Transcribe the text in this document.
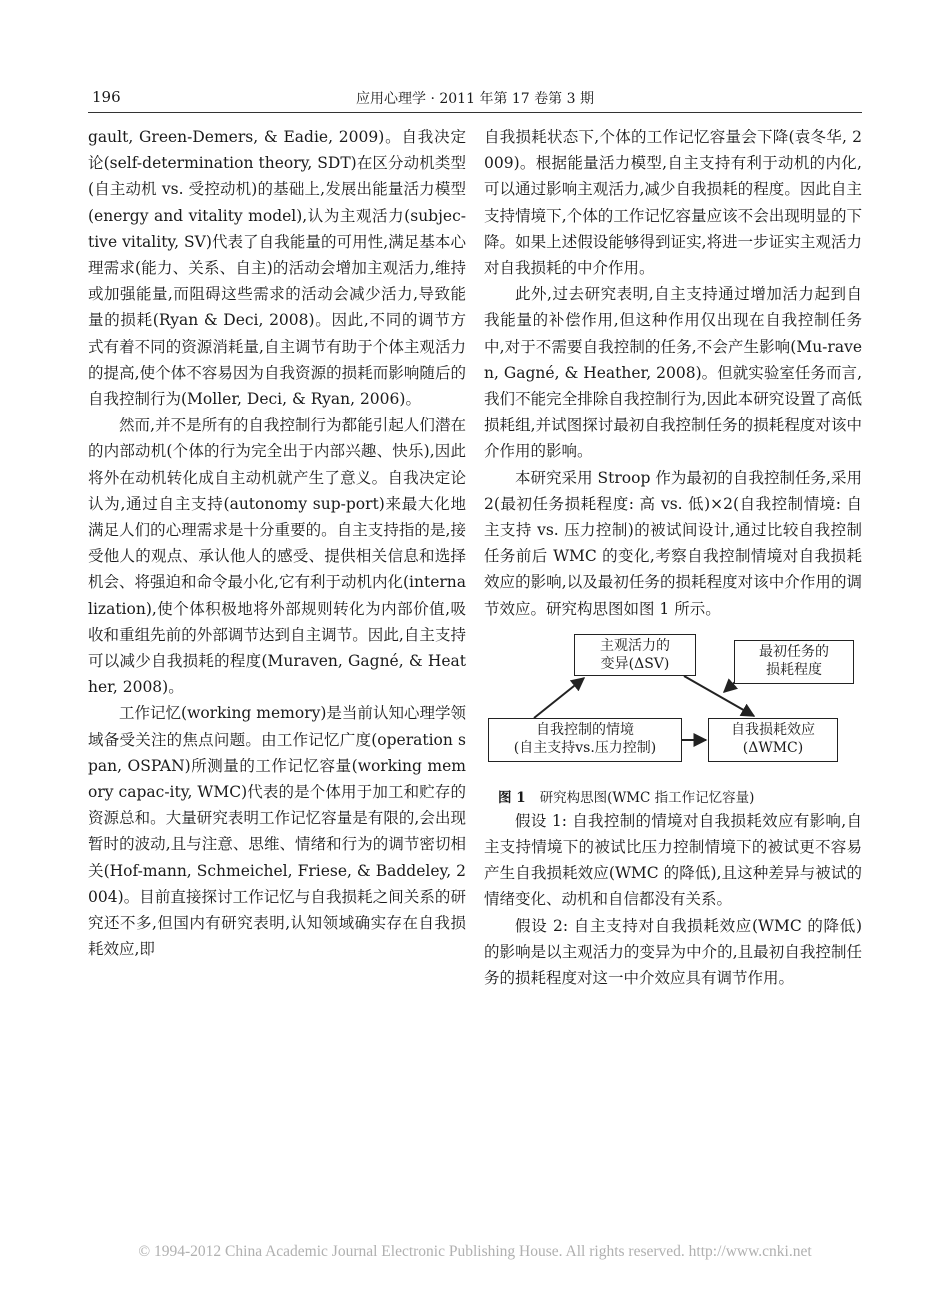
196	应用心理学 · 2011 年第 17 卷第 3 期

gault, Green-Demers, & Eadie, 2009)。自我决定论(self-determination theory, SDT)在区分动机类型(自主动机 vs. 受控动机)的基础上,发展出能量活力模型(energy and vitality model),认为主观活力(subjec-tive vitality, SV)代表了自我能量的可用性,满足基本心理需求(能力、关系、自主)的活动会增加主观活力,维持或加强能量,而阻碍这些需求的活动会减少活力,导致能量的损耗(Ryan & Deci, 2008)。因此,不同的调节方式有着不同的资源消耗量,自主调节有助于个体主观活力的提高,使个体不容易因为自我资源的损耗而影响随后的自我控制行为(Moller, Deci, & Ryan, 2006)。

然而,并不是所有的自我控制行为都能引起人们潜在的内部动机(个体的行为完全出于内部兴趣、快乐),因此将外在动机转化成自主动机就产生了意义。自我决定论认为,通过自主支持(autonomy sup-port)来最大化地满足人们的心理需求是十分重要的。自主支持指的是,接受他人的观点、承认他人的感受、提供相关信息和选择机会、将强迫和命令最小化,它有利于动机内化(internalization),使个体积极地将外部规则转化为内部价值,吸收和重组先前的外部调节达到自主调节。因此,自主支持可以减少自我损耗的程度(Muraven, Gagné, & Heather, 2008)。

工作记忆(working memory)是当前认知心理学领域备受关注的焦点问题。由工作记忆广度(operation span, OSPAN)所测量的工作记忆容量(working memory capac-ity, WMC)代表的是个体用于加工和贮存的资源总和。大量研究表明工作记忆容量是有限的,会出现暂时的波动,且与注意、思维、情绪和行为的调节密切相关(Hof-mann, Schmeichel, Friese, & Baddeley, 2004)。目前直接探讨工作记忆与自我损耗之间关系的研究还不多,但国内有研究表明,认知领域确实存在自我损耗效应,即

自我损耗状态下,个体的工作记忆容量会下降(袁冬华, 2009)。根据能量活力模型,自主支持有利于动机的内化,可以通过影响主观活力,减少自我损耗的程度。因此自主支持情境下,个体的工作记忆容量应该不会出现明显的下降。如果上述假设能够得到证实,将进一步证实主观活力对自我损耗的中介作用。

此外,过去研究表明,自主支持通过增加活力起到自我能量的补偿作用,但这种作用仅出现在自我控制任务中,对于不需要自我控制的任务,不会产生影响(Mu-raven, Gagné, & Heather, 2008)。但就实验室任务而言,我们不能完全排除自我控制行为,因此本研究设置了高低损耗组,并试图探讨最初自我控制任务的损耗程度对该中介作用的影响。

本研究采用 Stroop 作为最初的自我控制任务,采用 2(最初任务损耗程度: 高 vs. 低)×2(自我控制情境: 自主支持 vs. 压力控制)的被试间设计,通过比较自我控制任务前后 WMC 的变化,考察自我控制情境对自我损耗效应的影响,以及最初任务的损耗程度对该中介作用的调节效应。研究构思图如图 1 所示。

主观活力的
变异(ΔSV)
最初任务的
损耗程度
自我控制的情境
(自主支持vs.压力控制)
自我损耗效应
(ΔWMC)
图 1 研究构思图(WMC 指工作记忆容量)

假设 1: 自我控制的情境对自我损耗效应有影响,自主支持情境下的被试比压力控制情境下的被试更不容易产生自我损耗效应(WMC 的降低),且这种差异与被试的情绪变化、动机和自信都没有关系。

假设 2: 自主支持对自我损耗效应(WMC 的降低)的影响是以主观活力的变异为中介的,且最初自我控制任务的损耗程度对这一中介效应具有调节作用。

© 1994-2012 China Academic Journal Electronic Publishing House. All rights reserved. http://www.cnki.net
